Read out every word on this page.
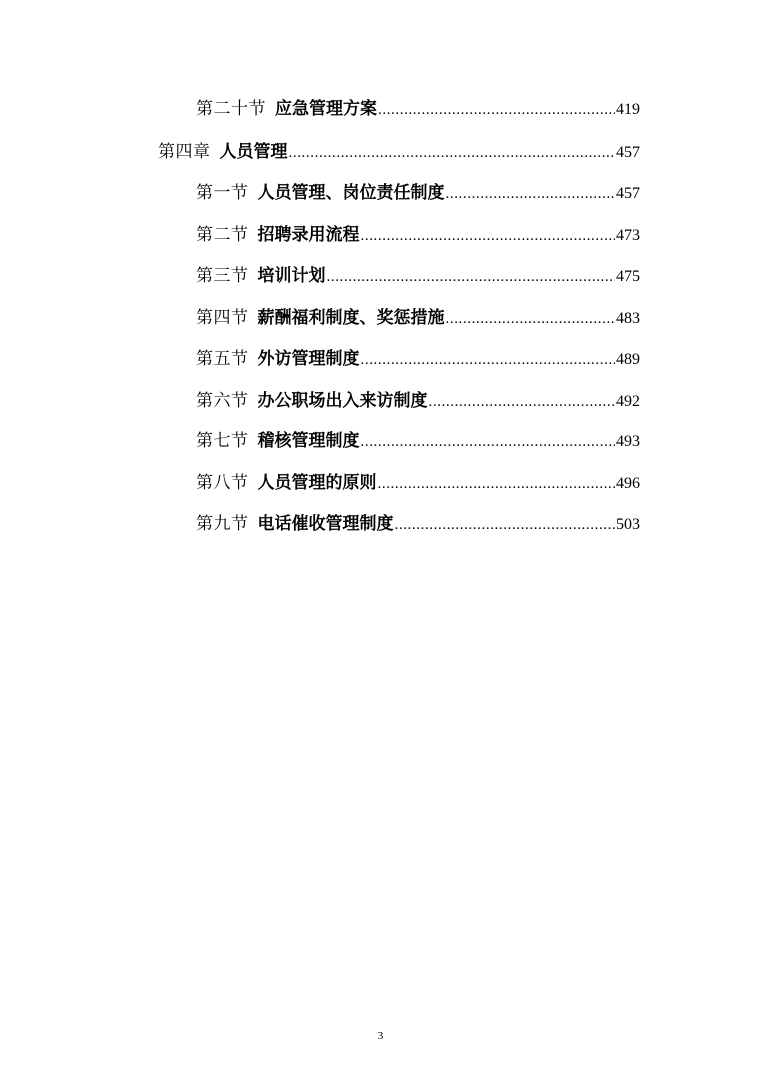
第二十节 应急管理方案 .....	419
第四章 人员管理 .....	457
第一节 人员管理、岗位责任制度 .....	457
第二节 招聘录用流程 .....	473
第三节 培训计划 .....	475
第四节 薪酬福利制度、奖惩措施 .....	483
第五节 外访管理制度 .....	489
第六节 办公职场出入来访制度 .....	492
第七节 稽核管理制度 .....	493
第八节 人员管理的原则 .....	496
第九节 电话催收管理制度 .....	503
3
